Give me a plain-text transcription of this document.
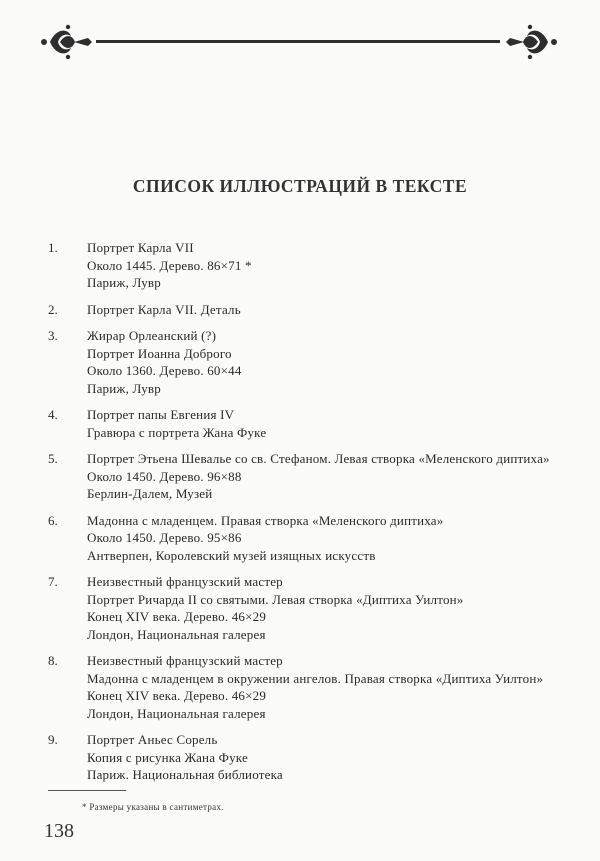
СПИСОК ИЛЛЮСТРАЦИЙ В ТЕКСТЕ
1. Портрет Карла VII
Около 1445. Дерево. 86×71 *
Париж, Лувр
2. Портрет Карла VII. Деталь
3. Жирар Орлеанский (?)
Портрет Иоанна Доброго
Около 1360. Дерево. 60×44
Париж, Лувр
4. Портрет папы Евгения IV
Гравюра с портрета Жана Фуке
5. Портрет Этьена Шевалье со св. Стефаном. Левая створка «Меленского диптиха»
Около 1450. Дерево. 96×88
Берлин-Далем, Музей
6. Мадонна с младенцем. Правая створка «Меленского диптиха»
Около 1450. Дерево. 95×86
Антверпен, Королевский музей изящных искусств
7. Неизвестный французский мастер
Портрет Ричарда II со святыми. Левая створка «Диптиха Уилтон»
Конец XIV века. Дерево. 46×29
Лондон, Национальная галерея
8. Неизвестный французский мастер
Мадонна с младенцем в окружении ангелов. Правая створка «Диптиха Уилтон»
Конец XIV века. Дерево. 46×29
Лондон, Национальная галерея
9. Портрет Аньес Сорель
Копия с рисунка Жана Фуке
Париж. Национальная библиотека
* Размеры указаны в сантиметрах.
138
